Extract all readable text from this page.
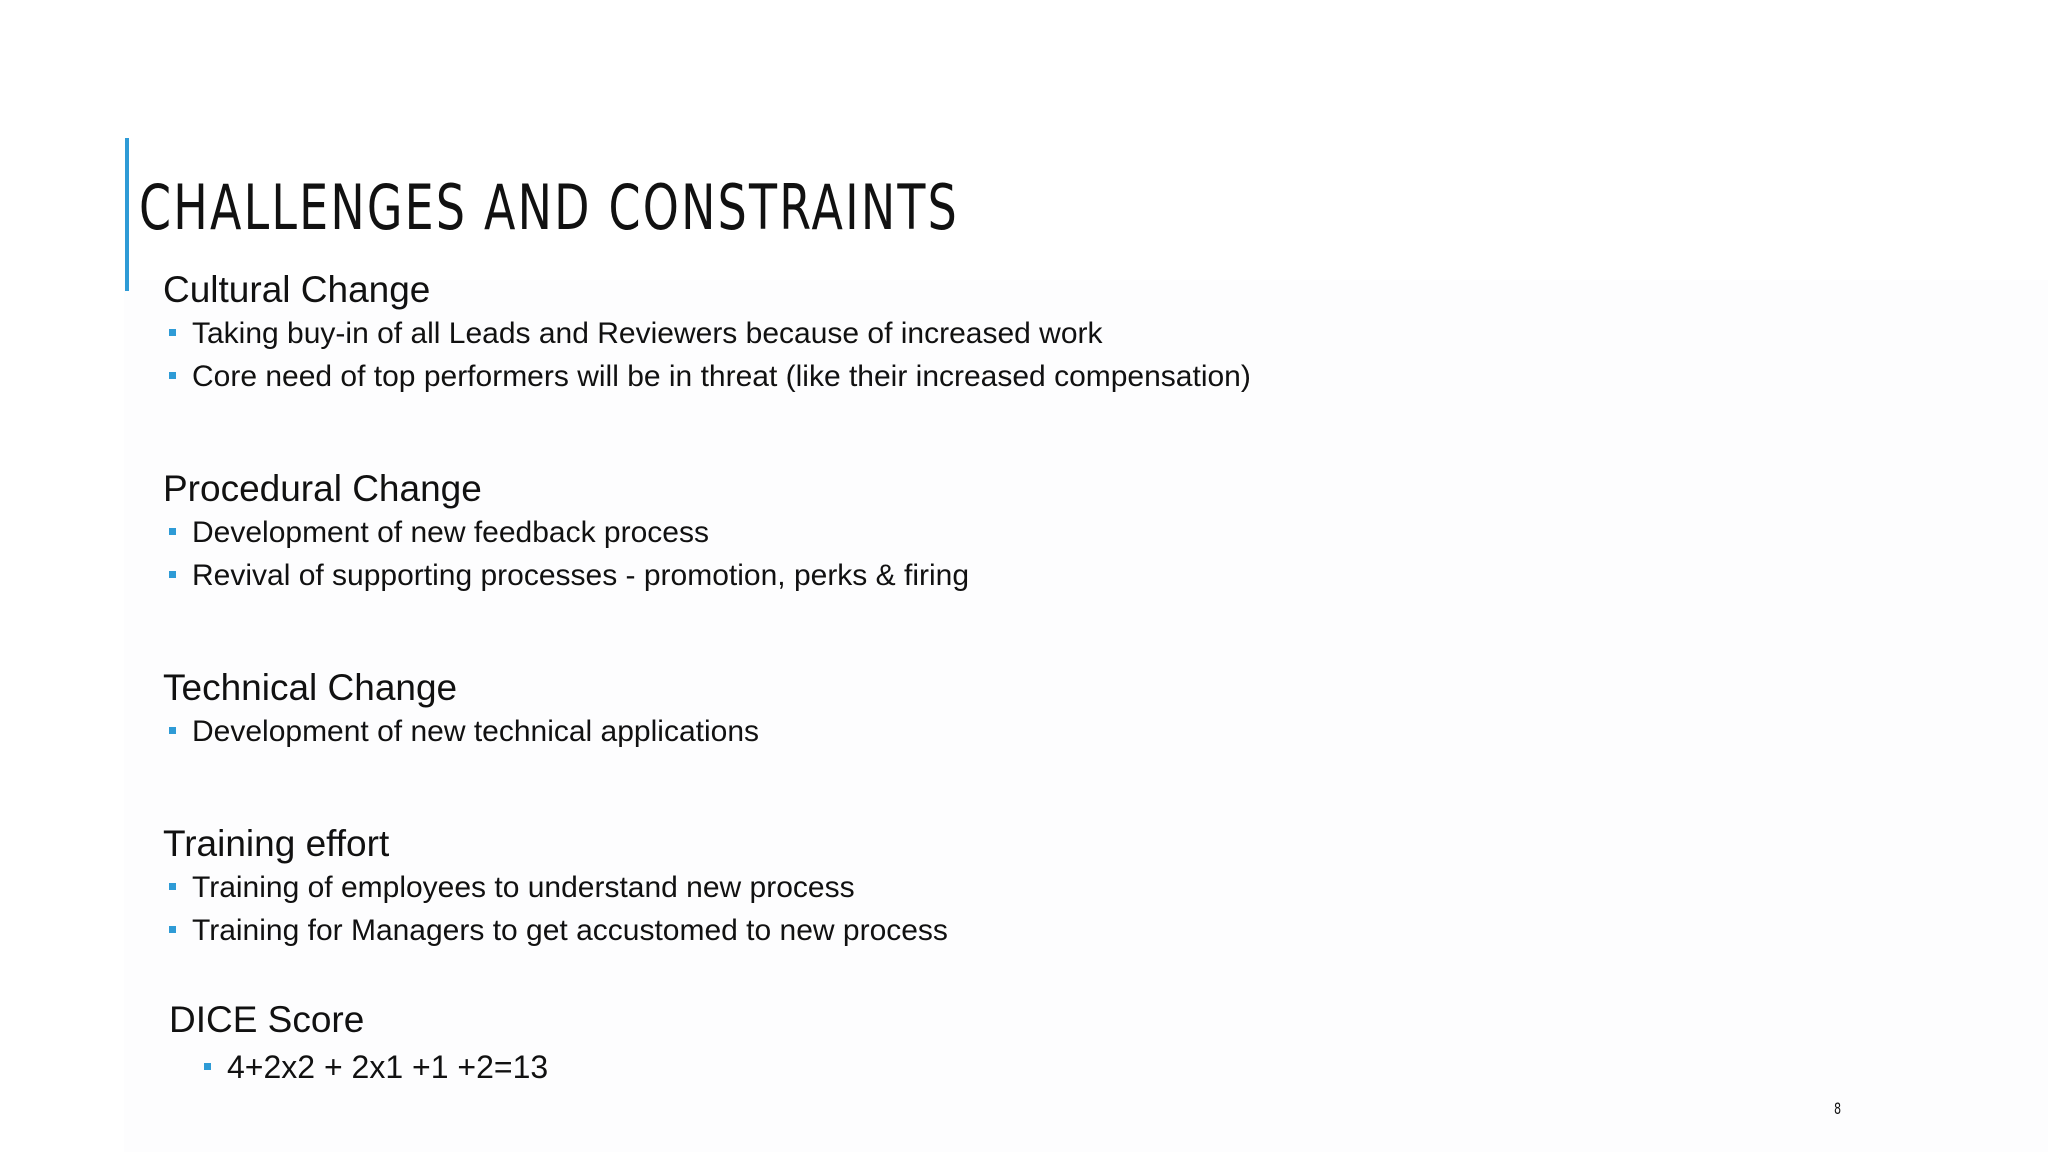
CHALLENGES AND CONSTRAINTS
Cultural Change
Taking buy-in of all Leads and Reviewers because of increased work
Core need of top performers will be in threat (like their increased compensation)
Procedural Change
Development of new feedback process
Revival of supporting processes - promotion, perks & firing
Technical Change
Development of new technical applications
Training effort
Training of employees to understand new process
Training for Managers to get accustomed to new process
DICE Score
4+2x2 + 2x1 +1 +2=13
8
